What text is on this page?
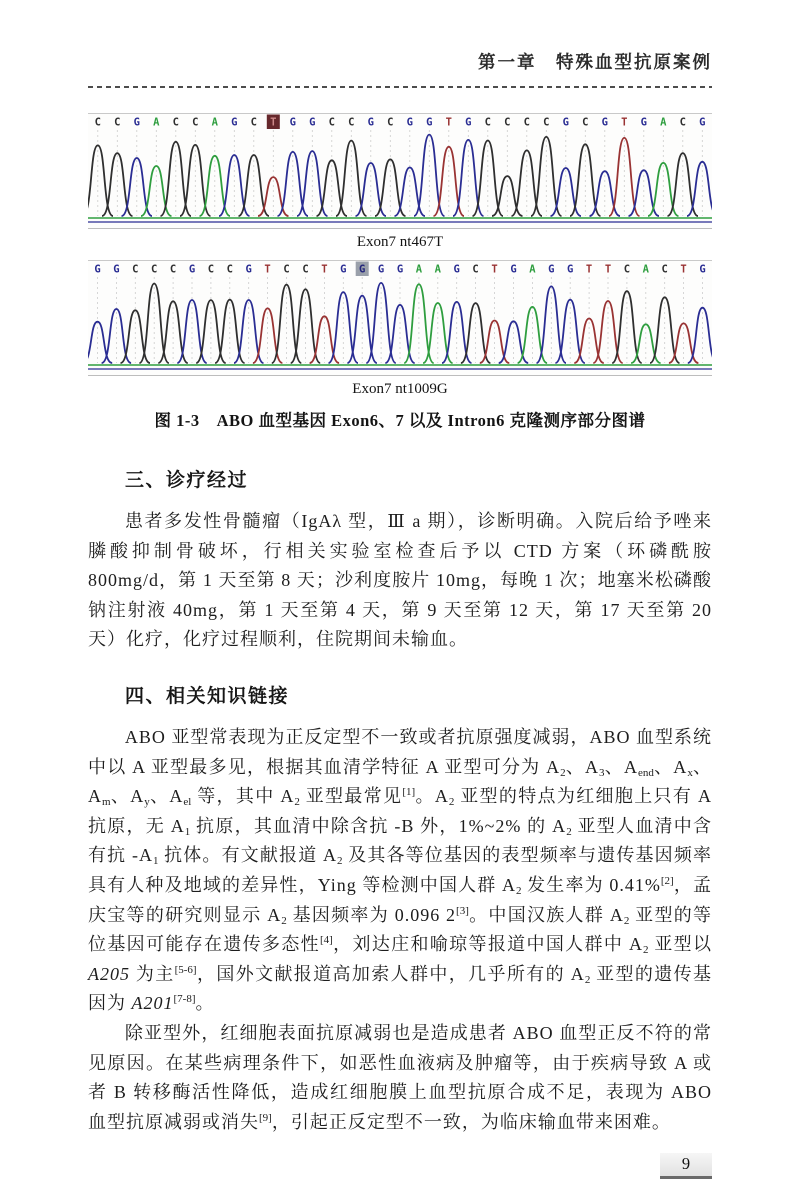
第一章　特殊血型抗原案例
C C G A C C A G C T G G C C G C G G T G C C C C G C G T G A C G
Exon7 nt467T
G G C C C G C C G T C C T G G G G A A G C T G A G G T T C A C T G
Exon7 nt1009G
图 1-3　ABO 血型基因 Exon6、7 以及 Intron6 克隆测序部分图谱
三、诊疗经过

患者多发性骨髓瘤（IgAλ 型，Ⅲ a 期），诊断明确。入院后给予唑来膦酸抑制骨破坏，行相关实验室检查后予以 CTD 方案（环磷酰胺 800mg/d，第 1 天至第 8 天；沙利度胺片 10mg，每晚 1 次；地塞米松磷酸钠注射液 40mg，第 1 天至第 4 天，第 9 天至第 12 天，第 17 天至第 20 天）化疗，化疗过程顺利，住院期间未输血。

四、相关知识链接

ABO 亚型常表现为正反定型不一致或者抗原强度减弱，ABO 血型系统中以 A 亚型最多见，根据其血清学特征 A 亚型可分为 $A_2$、$A_3$、$A_{end}$、$A_x$、$A_m$、$A_y$、$A_{el}$ 等，其中 $A_2$ 亚型最常见[1]。$A_2$ 亚型的特点为红细胞上只有 A 抗原，无 $A_1$ 抗原，其血清中除含抗 -B 外，1%~2% 的 $A_2$ 亚型人血清中含有抗 $-A_1$ 抗体。有文献报道 $A_2$ 及其各等位基因的表型频率与遗传基因频率具有人种及地域的差异性，Ying 等检测中国人群 $A_2$ 发生率为 0.41%[2]，孟庆宝等的研究则显示 $A_2$ 基因频率为 0.096 2[3]。中国汉族人群 $A_2$ 亚型的等位基因可能存在遗传多态性[4]，刘达庄和喻琼等报道中国人群中 $A_2$ 亚型以 A205 为主[5-6]，国外文献报道高加索人群中，几乎所有的 $A_2$ 亚型的遗传基因为 A201[7-8]。

除亚型外，红细胞表面抗原减弱也是造成患者 ABO 血型正反不符的常见原因。在某些病理条件下，如恶性血液病及肿瘤等，由于疾病导致 A 或者 B 转移酶活性降低，造成红细胞膜上血型抗原合成不足，表现为 ABO 血型抗原减弱或消失[9]，引起正反定型不一致，为临床输血带来困难。

9
